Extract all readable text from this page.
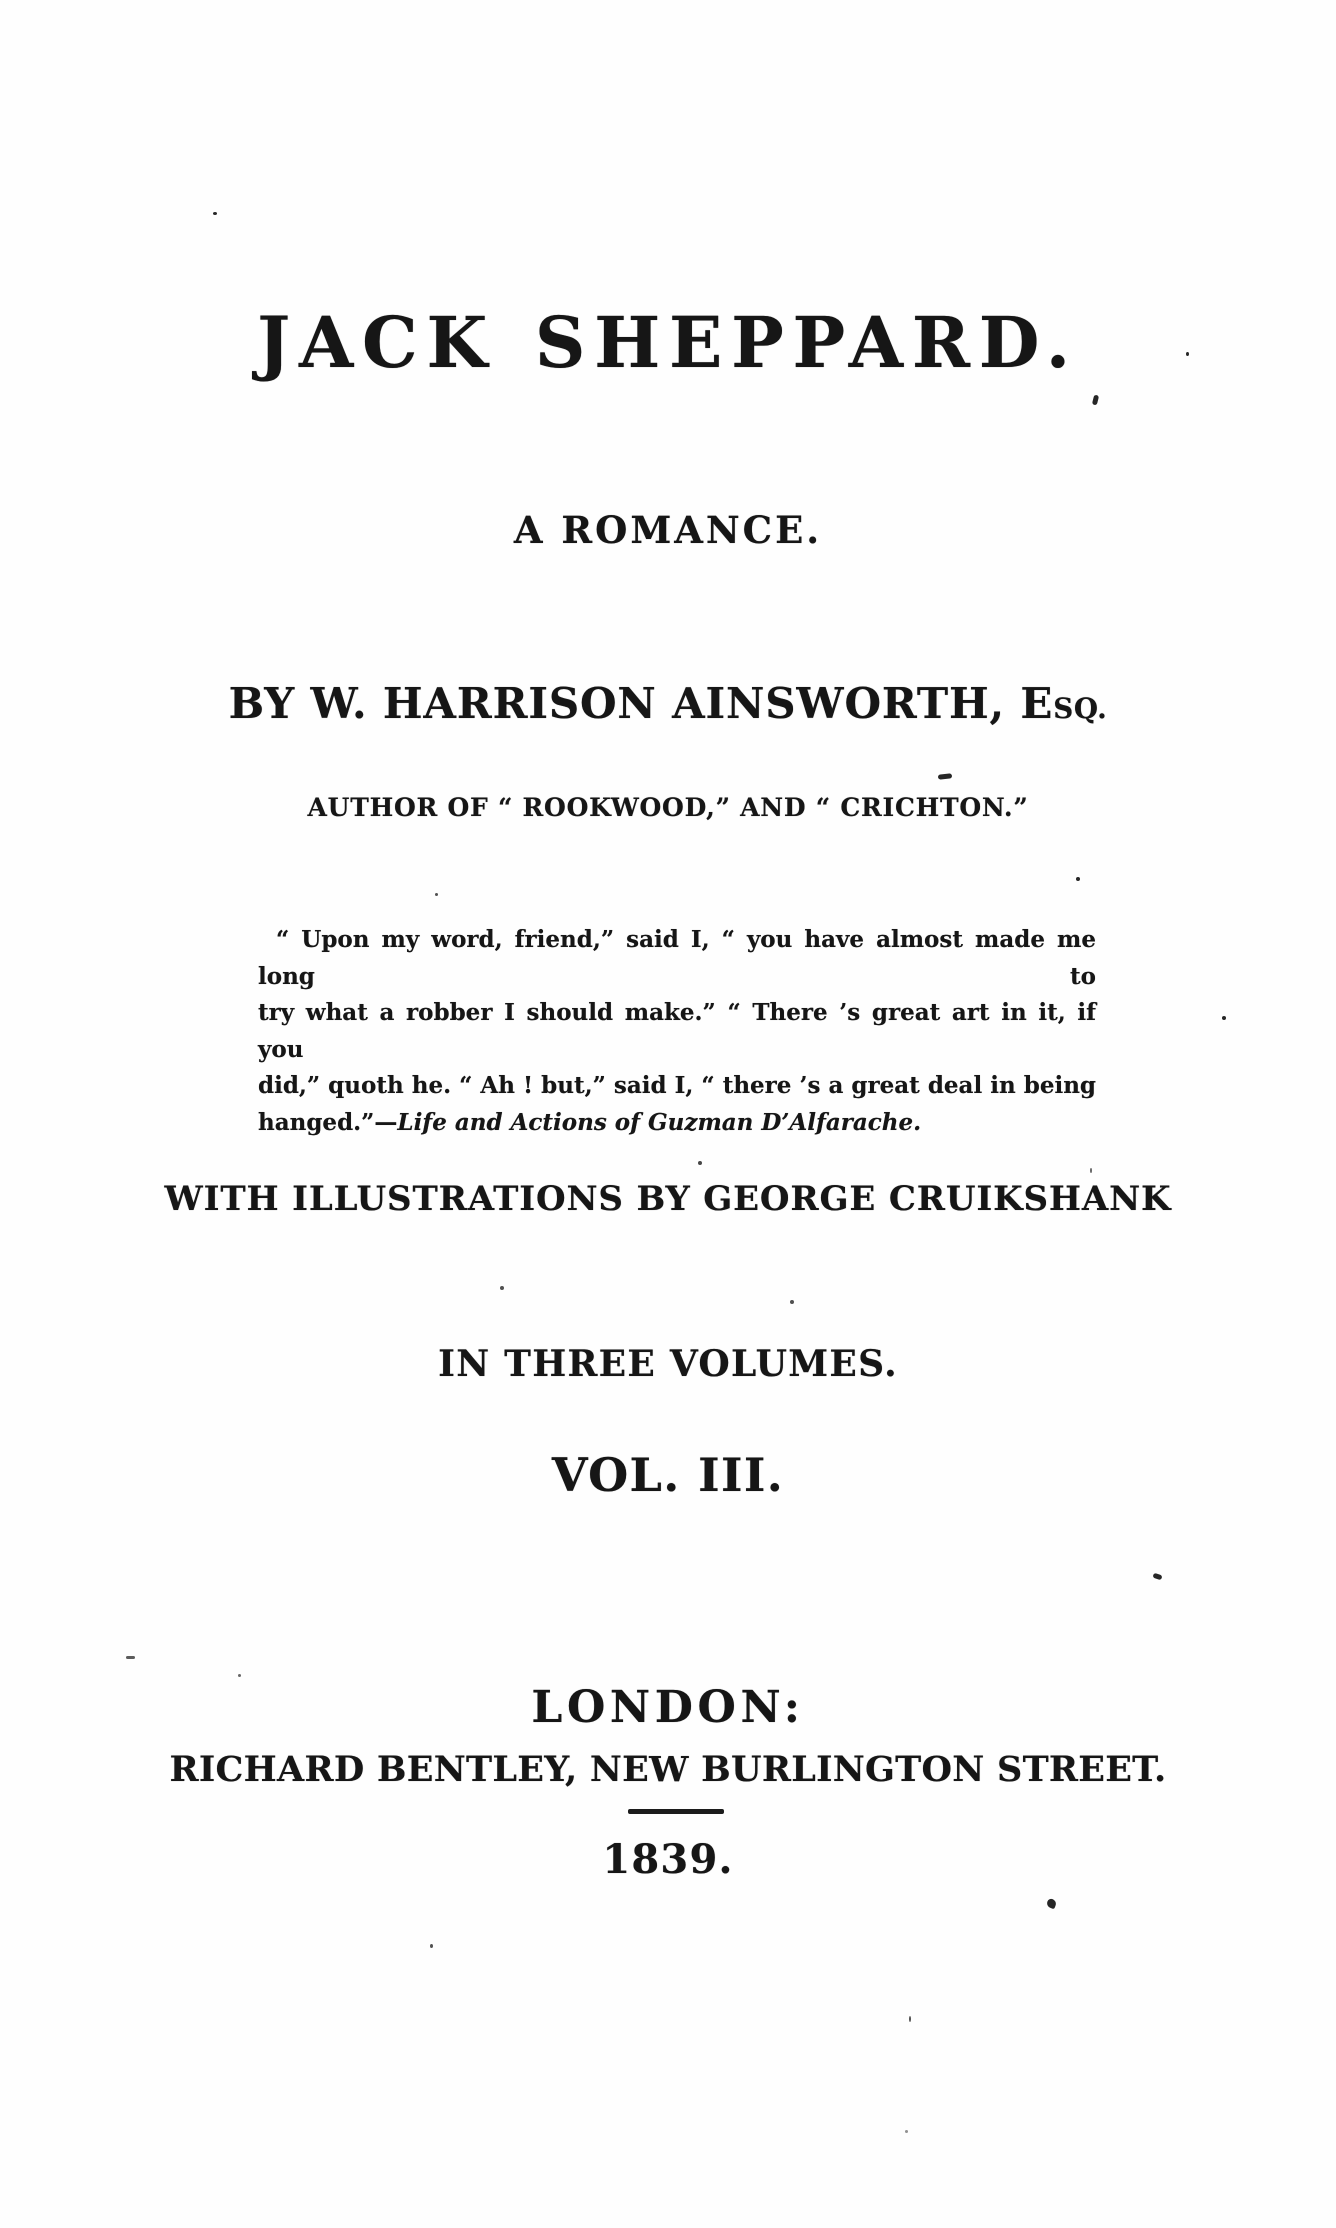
JACK SHEPPARD.
A ROMANCE.
BY W. HARRISON AINSWORTH, ESQ.
AUTHOR OF “ ROOKWOOD,” AND “ CRICHTON.”
“ Upon my word, friend,” said I, “ you have almost made me long to
try what a robber I should make.” “ There ’s great art in it, if you
did,” quoth he. “ Ah ! but,” said I, “ there ’s a great deal in being
hanged.”—Life and Actions of Guzman D’Alfarache.
WITH ILLUSTRATIONS BY GEORGE CRUIKSHANK
IN THREE VOLUMES.
VOL. III.
LONDON:
RICHARD BENTLEY, NEW BURLINGTON STREET.
1839.
